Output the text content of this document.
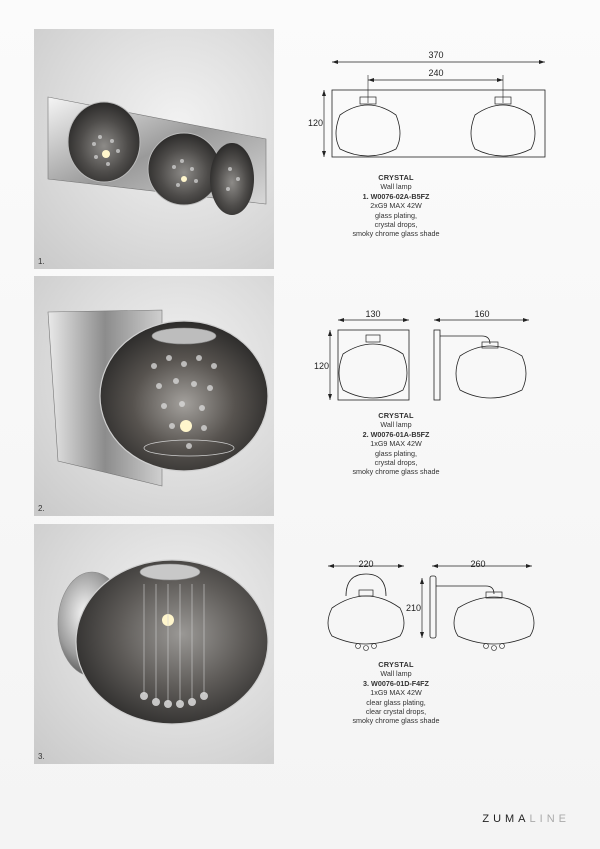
1.
370
240
120
CRYSTAL
Wall lamp
1. W0076-02A-B5FZ
2xG9 MAX 42W
glass plating,
crystal drops,
smoky chrome glass shade
2.
130	160
120
CRYSTAL
Wall lamp
2. W0076-01A-B5FZ
1xG9 MAX 42W
glass plating,
crystal drops,
smoky chrome glass shade
3.
220	260
210
CRYSTAL
Wall lamp
3. W0076-01D-F4FZ
1xG9 MAX 42W
clear glass plating,
clear crystal drops,
smoky chrome glass shade
ZUMALINE
